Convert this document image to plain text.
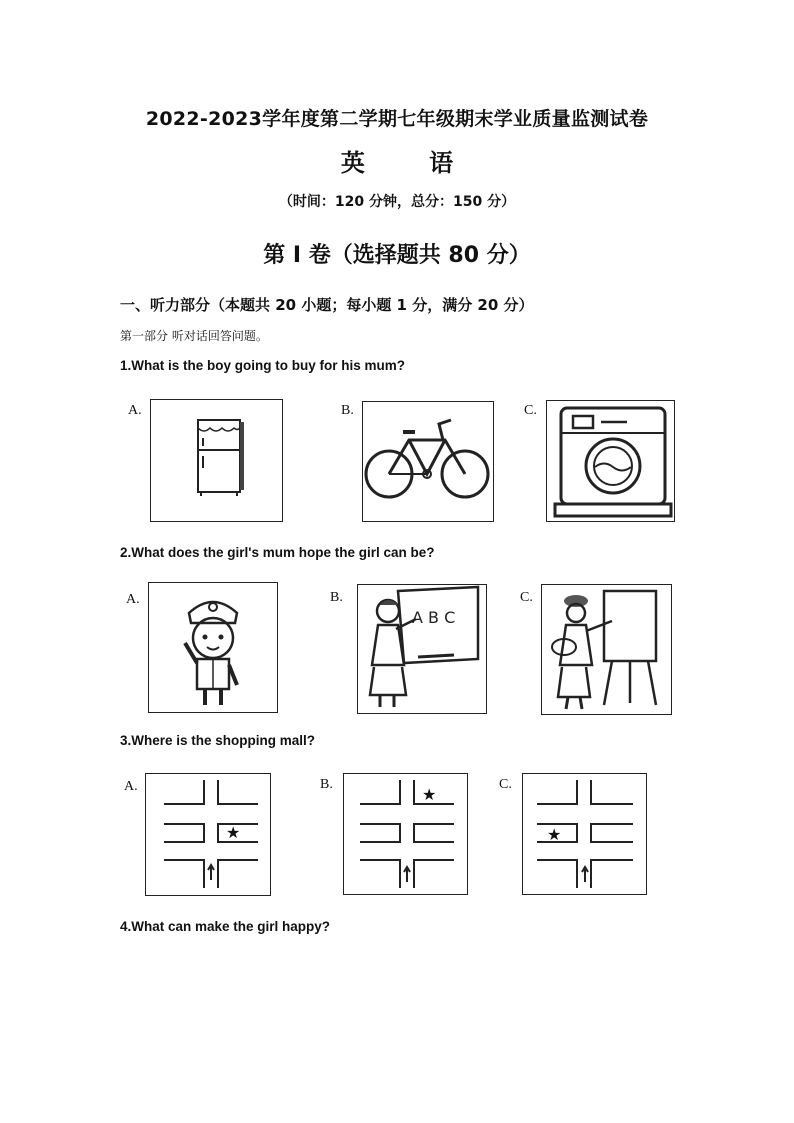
2022-2023学年度第二学期七年级期末学业质量监测试卷
英 语
（时间：120 分钟，总分：150 分）
第 I 卷（选择题共 80 分）
一、听力部分（本题共 20 小题；每小题 1 分，满分 20 分）
第一部分 听对话回答问题。
1.What is the boy going to buy for his mum?
A.	B.	C.
2.What does the girl's mum hope the girl can be?
A.	B.
A B C
C.
3.Where is the shopping mall?
A.
★
B.
★
C.
★
4.What can make the girl happy?
